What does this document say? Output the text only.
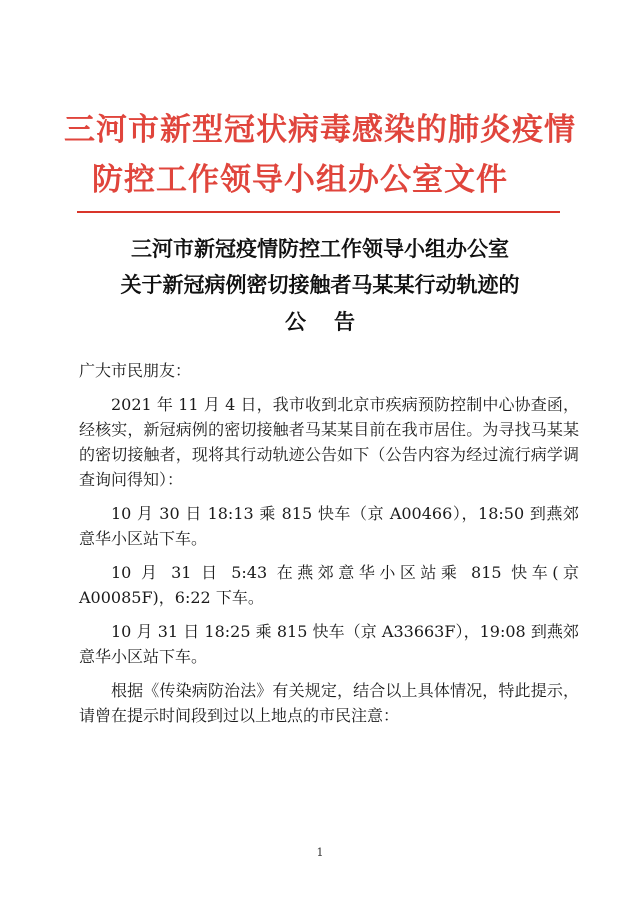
三河市新型冠状病毒感染的肺炎疫情
防控工作领导小组办公室文件
三河市新冠疫情防控工作领导小组办公室
关于新冠病例密切接触者马某某行动轨迹的
公告

广大市民朋友：

2021 年 11 月 4 日，我市收到北京市疾病预防控制中心协查函，经核实，新冠病例的密切接触者马某某目前在我市居住。为寻找马某某的密切接触者，现将其行动轨迹公告如下（公告内容为经过流行病学调查询问得知）：

10 月 30 日 18:13 乘 815 快车（京 A00466），18:50 到燕郊意华小区站下车。

10 月 31 日 5:43 在燕郊意华小区站乘 815 快车(京 A00085F)，6:22 下车。

10 月 31 日 18:25 乘 815 快车（京 A33663F），19:08 到燕郊意华小区站下车。

根据《传染病防治法》有关规定，结合以上具体情况，特此提示，请曾在提示时间段到过以上地点的市民注意：

1
